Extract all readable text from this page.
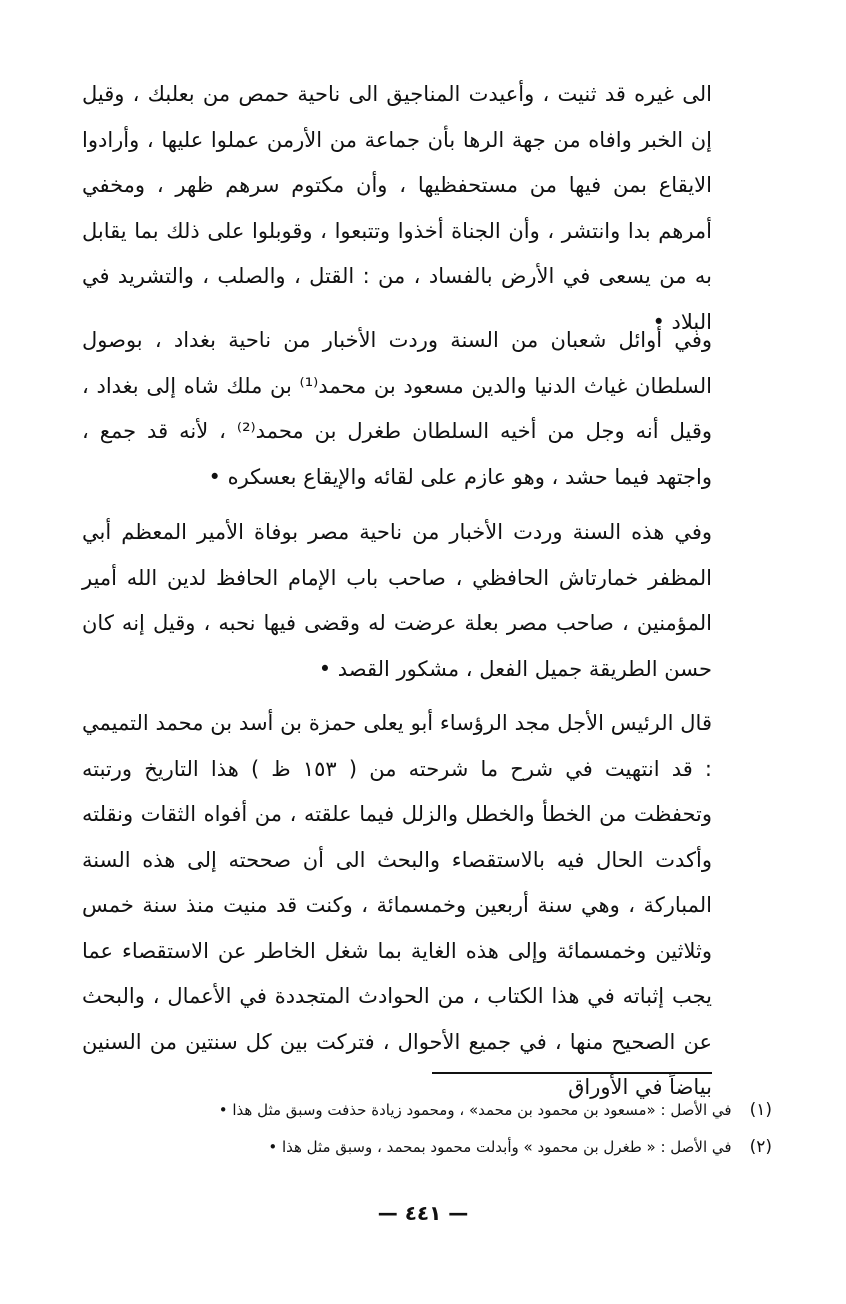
الى غيره قد ثنيت ، وأعيدت المناجيق الى ناحية حمص من بعلبك ، وقيل إن الخبر وافاه من جهة الرها بأن جماعة من الأرمن عملوا عليها ، وأرادوا الايقاع بمن فيها من مستحفظيها ، وأن مكتوم سرهم ظهر ، ومخفي أمرهم بدا وانتشر ، وأن الجناة أخذوا وتتبعوا ، وقوبلوا على ذلك بما يقابل به من يسعى في الأرض بالفساد ، من : القتل ، والصلب ، والتشريد في البلاد •

وفي أوائل شعبان من السنة وردت الأخبار من ناحية بغداد ، بوصول السلطان غياث الدنيا والدين مسعود بن محمد⁽¹⁾ بن ملك شاه إلى بغداد ، وقيل أنه وجل من أخيه السلطان طغرل بن محمد⁽²⁾ ، لأنه قد جمع ، واجتهد فيما حشد ، وهو عازم على لقائه والإيقاع بعسكره •

وفي هذه السنة وردت الأخبار من ناحية مصر بوفاة الأمير المعظم أبي المظفر خمارتاش الحافظي ، صاحب باب الإمام الحافظ لدين الله أمير المؤمنين ، صاحب مصر بعلة عرضت له وقضى فيها نحبه ، وقيل إنه كان حسن الطريقة جميل الفعل ، مشكور القصد •

قال الرئيس الأجل مجد الرؤساء أبو يعلى حمزة بن أسد بن محمد التميمي : قد انتهيت في شرح ما شرحته من ( ١٥٣ ظ ) هذا التاريخ ورتبته وتحفظت من الخطأ والخطل والزلل فيما علقته ، من أفواه الثقات ونقلته وأكدت الحال فيه بالاستقصاء والبحث الى أن صححته إلى هذه السنة المباركة ، وهي سنة أربعين وخمسمائة ، وكنت قد منيت منذ سنة خمس وثلاثين وخمسمائة وإلى هذه الغاية بما شغل الخاطر عن الاستقصاء عما يجب إثباته في هذا الكتاب ، من الحوادث المتجددة في الأعمال ، والبحث عن الصحيح منها ، في جميع الأحوال ، فتركت بين كل سنتين من السنين بياضاً في الأوراق

(١)في الأصل : «مسعود بن محمود بن محمد» ، ومحمود زيادة حذفت وسبق مثل هذا •

(٢)في الأصل : « طغرل بن محمود » وأبدلت محمود بمحمد ، وسبق مثل هذا •

— ٤٤١ —
